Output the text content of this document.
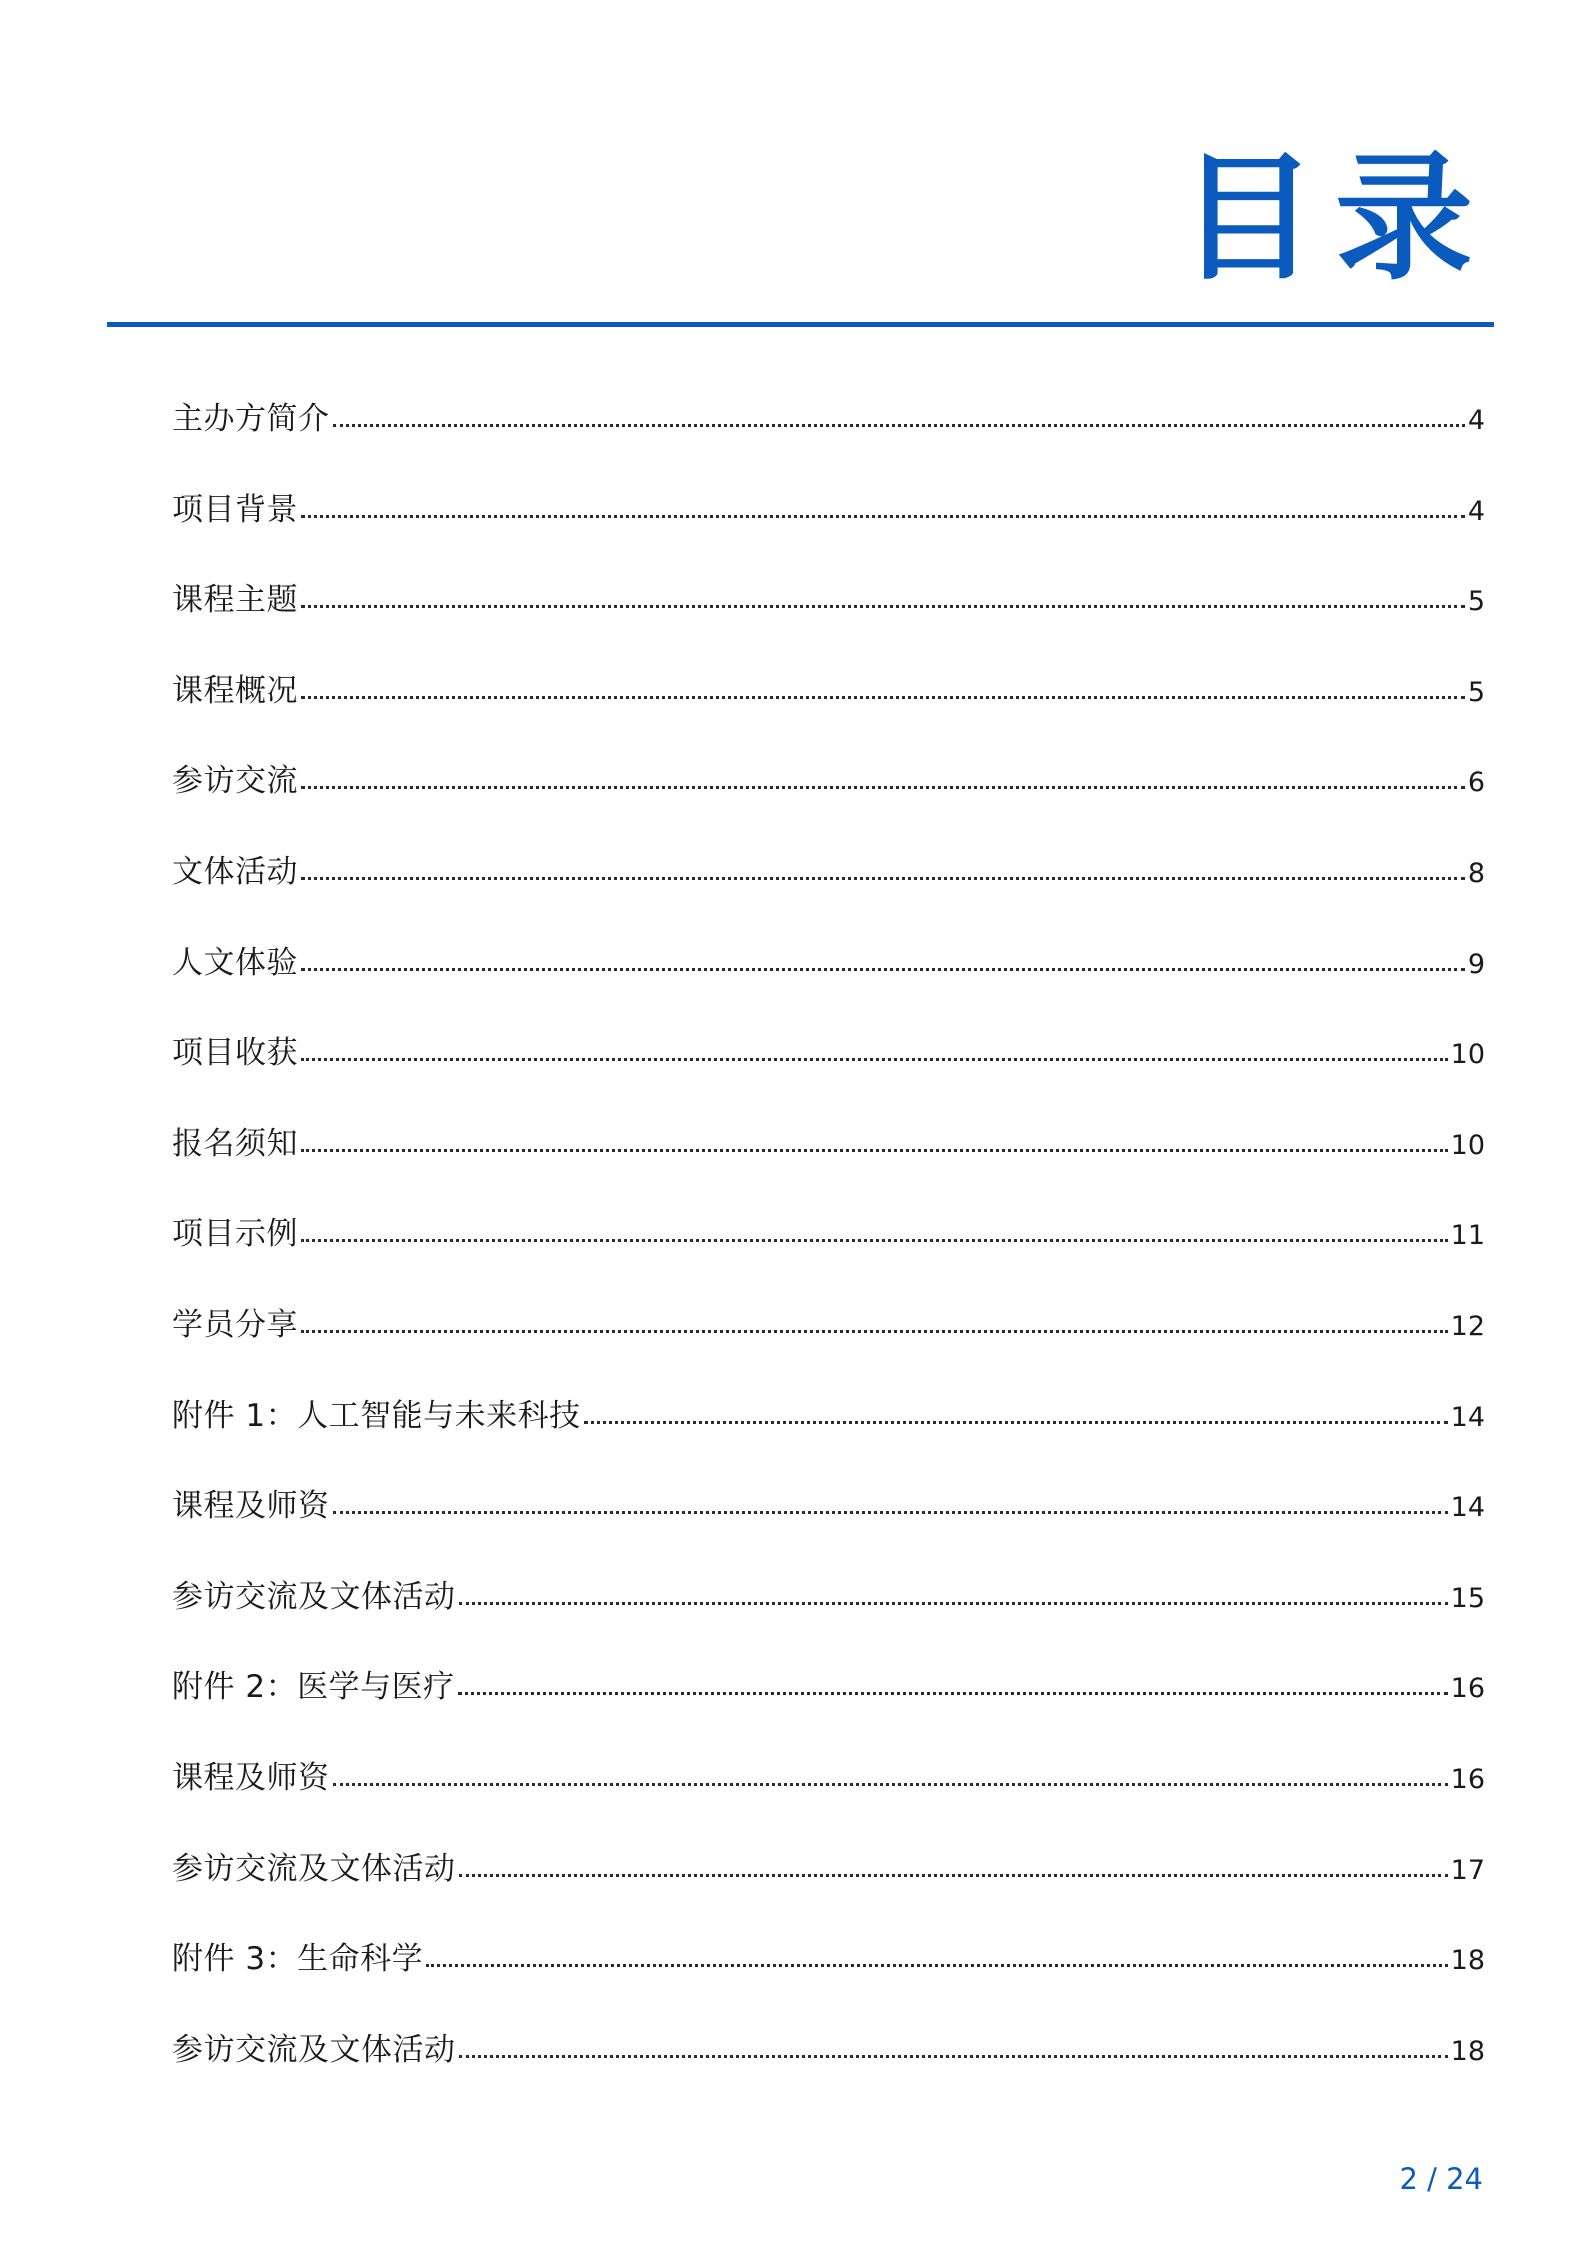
目录
主办方简介	4
项目背景	4
课程主题	5
课程概况	5
参访交流	6
文体活动	8
人文体验	9
项目收获	10
报名须知	10
项目示例	11
学员分享	12
附件 1：人工智能与未来科技	14
课程及师资	14
参访交流及文体活动	15
附件 2：医学与医疗	16
课程及师资	16
参访交流及文体活动	17
附件 3：生命科学	18
参访交流及文体活动	18
2 / 24
